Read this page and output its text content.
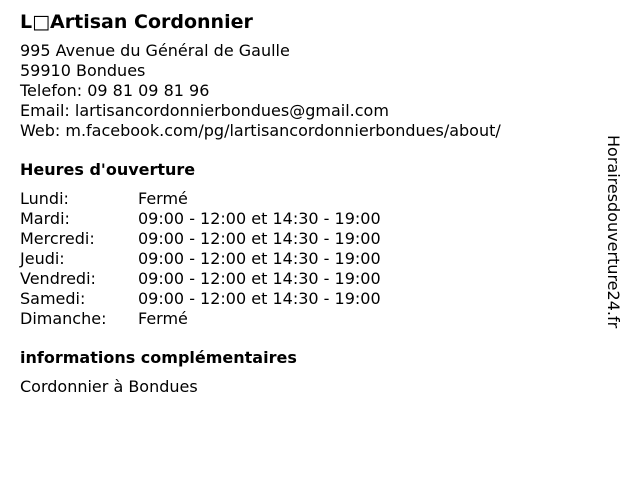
L□Artisan Cordonnier
995 Avenue du Général de Gaulle
59910 Bondues
Telefon: 09 81 09 81 96
Email: lartisancordonnierbondues@gmail.com
Web: m.facebook.com/pg/lartisancordonnierbondues/about/
Heures d'ouverture
Lundi:	Fermé
Mardi:	09:00 - 12:00 et 14:30 - 19:00
Mercredi:	09:00 - 12:00 et 14:30 - 19:00
Jeudi:	09:00 - 12:00 et 14:30 - 19:00
Vendredi:	09:00 - 12:00 et 14:30 - 19:00
Samedi:	09:00 - 12:00 et 14:30 - 19:00
Dimanche:	Fermé
informations complémentaires
Cordonnier à Bondues
Horairesdouverture24.fr
